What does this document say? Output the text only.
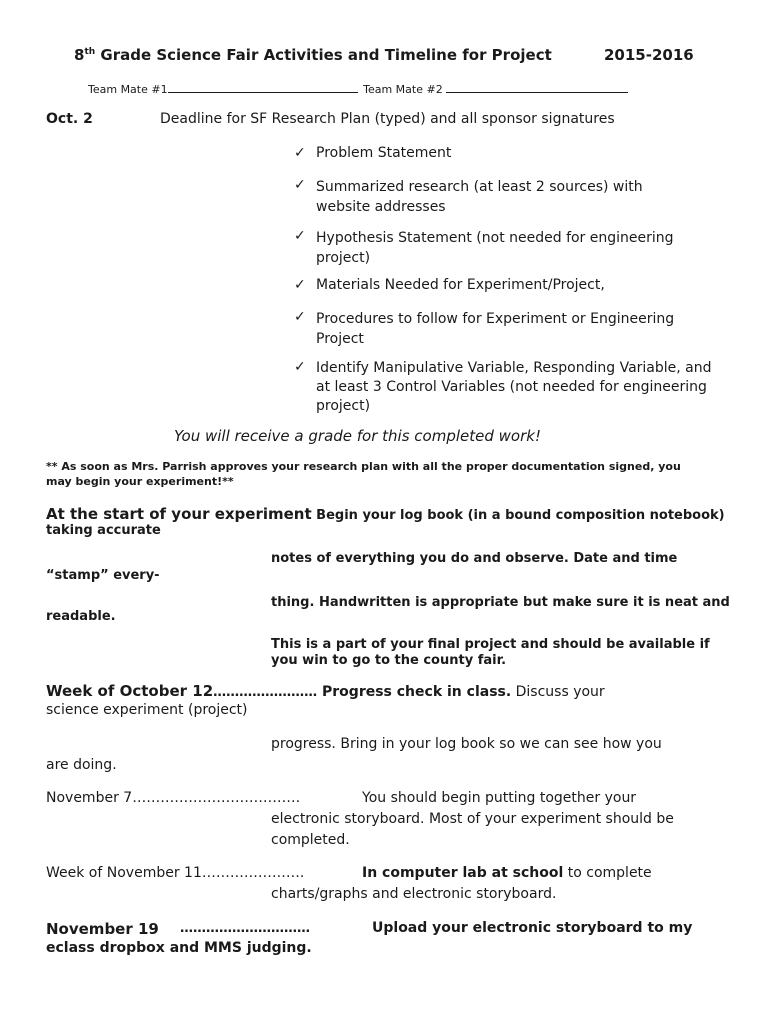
8th Grade Science Fair Activities and Timeline for Project	2015-2016
Team Mate #1	Team Mate #2
Oct. 2	Deadline for SF Research Plan (typed) and all sponsor signatures
✓ Problem Statement
✓ Summarized research (at least 2 sources) with website addresses
✓ Hypothesis Statement (not needed for engineering project)
✓ Materials Needed for Experiment/Project,
✓ Procedures to follow for Experiment or Engineering Project
✓ Identify Manipulative Variable, Responding Variable, and at least 3 Control Variables (not needed for engineering project)
You will receive a grade for this completed work!
** As soon as Mrs. Parrish approves your research plan with all the proper documentation signed, you
may begin your experiment!**
At the start of your experiment Begin your log book (in a bound composition notebook)
taking accurate
notes of everything you do and observe. Date and time
“stamp” every-
thing. Handwritten is appropriate but make sure it is neat and
readable.
This is a part of your final project and should be available if
you win to go to the county fair.
Week of October 12…………………… Progress check in class. Discuss your
science experiment (project)
progress. Bring in your log book so we can see how you
are doing.
November 7………………………………	You should begin putting together your
electronic storyboard. Most of your experiment should be
completed.
Week of November 11………………….	In computer lab at school to complete
charts/graphs and electronic storyboard.
November 19 …………………………	Upload your electronic storyboard to my
eclass dropbox and MMS judging.
